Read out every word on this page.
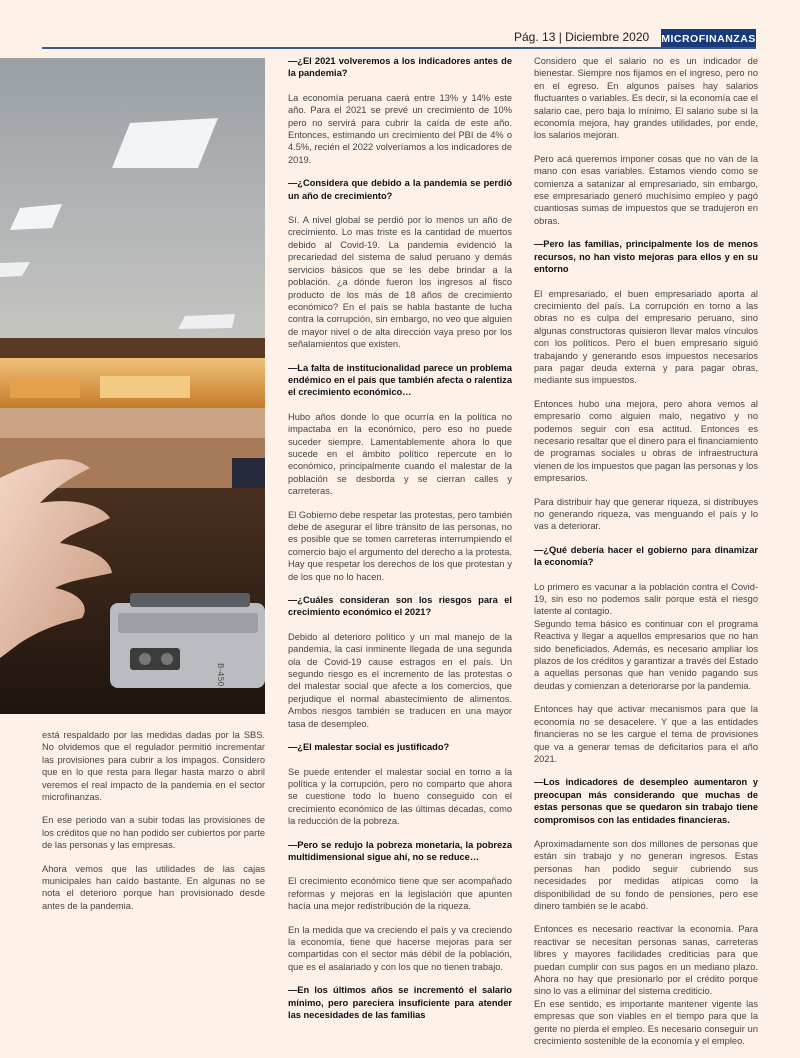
Pág. 13 | Diciembre 2020 MICROFINANZAS
B-450

está respaldado por las medidas dadas por la SBS. No olvidemos que el regulador permitió incrementar las provisiones para cubrir a los impagos. Considero que en lo que resta para llegar hasta marzo o abril veremos el real impacto de la pandemia en el sector microfinanzas.

En ese periodo van a subir todas las provisiones de los créditos que no han podido ser cubiertos por parte de las personas y las empresas.

Ahora vemos que las utilidades de las cajas municipales han caído bastante. En algunas no se nota el deterioro porque han provisionado desde antes de la pandemia.

—¿El 2021 volveremos a los indicadores antes de la pandemia?

La economía peruana caerá entre 13% y 14% este año. Para el 2021 se prevé un crecimiento de 10% pero no servirá para cubrir la caída de este año. Entonces, estimando un crecimiento del PBI de 4% o 4.5%, recién el 2022 volveríamos a los indicadores de 2019.

—¿Considera que debido a la pandemia se perdió un año de crecimiento?

Sí. A nivel global se perdió por lo menos un año de crecimiento. Lo mas triste es la cantidad de muertos debido al Covid-19. La pandemia evidenció la precariedad del sistema de salud peruano y demás servicios básicos que se les debe brindar a la población. ¿a dónde fueron los ingresos al fisco producto de los más de 18 años de crecimiento económico? En el país se habla bastante de lucha contra la corrupción, sin embargo, no veo que alguien de mayor nivel o de alta dirección vaya preso por los señalamientos que existen.

—La falta de institucionalidad parece un problema endémico en el país que también afecta o ralentiza el crecimiento económico…

Hubo años donde lo que ocurría en la política no impactaba en la económico, pero eso no puede suceder siempre. Lamentablemente ahora lo que sucede en el ámbito político repercute en lo económico, principalmente cuando el malestar de la población se desborda y se cierran calles y carreteras.

El Gobierno debe respetar las protestas, pero también debe de asegurar el libre tránsito de las personas, no es posible que se tomen carreteras interrumpiendo el comercio bajo el argumento del derecho a la protesta. Hay que respetar los derechos de los que protestan y de los que no lo hacen.

—¿Cuáles consideran son los riesgos para el crecimiento económico el 2021?

Debido al deterioro político y un mal manejo de la pandemia, la casi inminente llegada de una segunda ola de Covid-19 cause estragos en el país. Un segundo riesgo es el incremento de las protestas o del malestar social que afecte a los comercios, que perjudique el normal abastecimiento de alimentos. Ambos riesgos también se traducen en una mayor tasa de desempleo.

—¿El malestar social es justificado?

Se puede entender el malestar social en torno a la política y la corrupción, pero no comparto que ahora se cuestione todo lo bueno conseguido con el crecimiento económico de las últimas décadas, como la reducción de la pobreza.

—Pero se redujo la pobreza monetaria, la pobreza multidimensional sigue ahí, no se reduce…

El crecimiento económico tiene que ser acompañado reformas y mejoras en la legislación que apunten hacía una mejor redistribución de la riqueza.

En la medida que va creciendo el país y va creciendo la economía, tiene que hacerse mejoras para ser compartidas con el sector más débil de la población, que es el asalariado y con los que no tienen trabajo.

—En los últimos años se incrementó el salario mínimo, pero pareciera insuficiente para atender las necesidades de las familias

Considero que el salario no es un indicador de bienestar. Siempre nos fijamos en el ingreso, pero no en el egreso. En algunos países hay salarios fluctuantes o variables. Es decir, si la economía cae el salario cae, pero baja lo mínimo. El salario sube si la economía mejora, hay grandes utilidades, por ende, los salarios mejoran.

Pero acá queremos imponer cosas que no van de la mano con esas variables. Estamos viendo como se comienza a satanizar al empresariado, sin embargo, ese empresariado generó muchísimo empleo y pagó cuantiosas sumas de impuestos que se tradujeron en obras.

—Pero las familias, principalmente los de menos recursos, no han visto mejoras para ellos y en su entorno

El empresariado, el buen empresariado aporta al crecimiento del país. La corrupción en torno a las obras no es culpa del empresario peruano, sino algunas constructoras quisieron llevar malos vínculos con los políticos. Pero el buen empresario siguió trabajando y generando esos impuestos necesarios para pagar deuda externa y para pagar obras, mediante sus impuestos.

Entonces hubo una mejora, pero ahora vemos al empresario como alguien malo, negativo y no podemos seguir con esa actitud. Entonces es necesario resaltar que el dinero para el financiamiento de programas sociales u obras de infraestructura vienen de los impuestos que pagan las personas y los empresarios.

Para distribuir hay que generar riqueza, si distribuyes no generando riqueza, vas menguando el país y lo vas a deteriorar.

—¿Qué debería hacer el gobierno para dinamizar la economía?

Lo primero es vacunar a la población contra el Covid-19, sin eso no podemos salir porque está el riesgo latente al contagio.
Segundo tema básico es continuar con el programa Reactiva y llegar a aquellos empresarios que no han sido beneficiados. Además, es necesario ampliar los plazos de los créditos y garantizar a través del Estado a aquellas personas que han venido pagando sus deudas y comienzan a deteriorarse por la pandemia.

Entonces hay que activar mecanismos para que la economía no se desacelere. Y que a las entidades financieras no se les cargue el tema de provisiones que va a generar temas de deficitarios para el año 2021.

—Los indicadores de desempleo aumentaron y preocupan más considerando que muchas de estas personas que se quedaron sin trabajo tiene compromisos con las entidades financieras.

Aproximadamente son dos millones de personas que están sin trabajo y no generan ingresos. Estas personas han podido seguir cubriendo sus necesidades por medidas atípicas como la disponibilidad de su fondo de pensiones, pero ese dinero también se le acabó.

Entonces es necesario reactivar la economía. Para reactivar se necesitan personas sanas, carreteras libres y mayores facilidades crediticias para que puedan cumplir con sus pagos en un mediano plazo. Ahora no hay que presionarlo por el crédito porque sino lo vas a eliminar del sistema crediticio.
En ese sentido, es importante mantener vigente las empresas que son viables en el tiempo para que la gente no pierda el empleo. Es necesario conseguir un crecimiento sostenible de la economía y el empleo.
